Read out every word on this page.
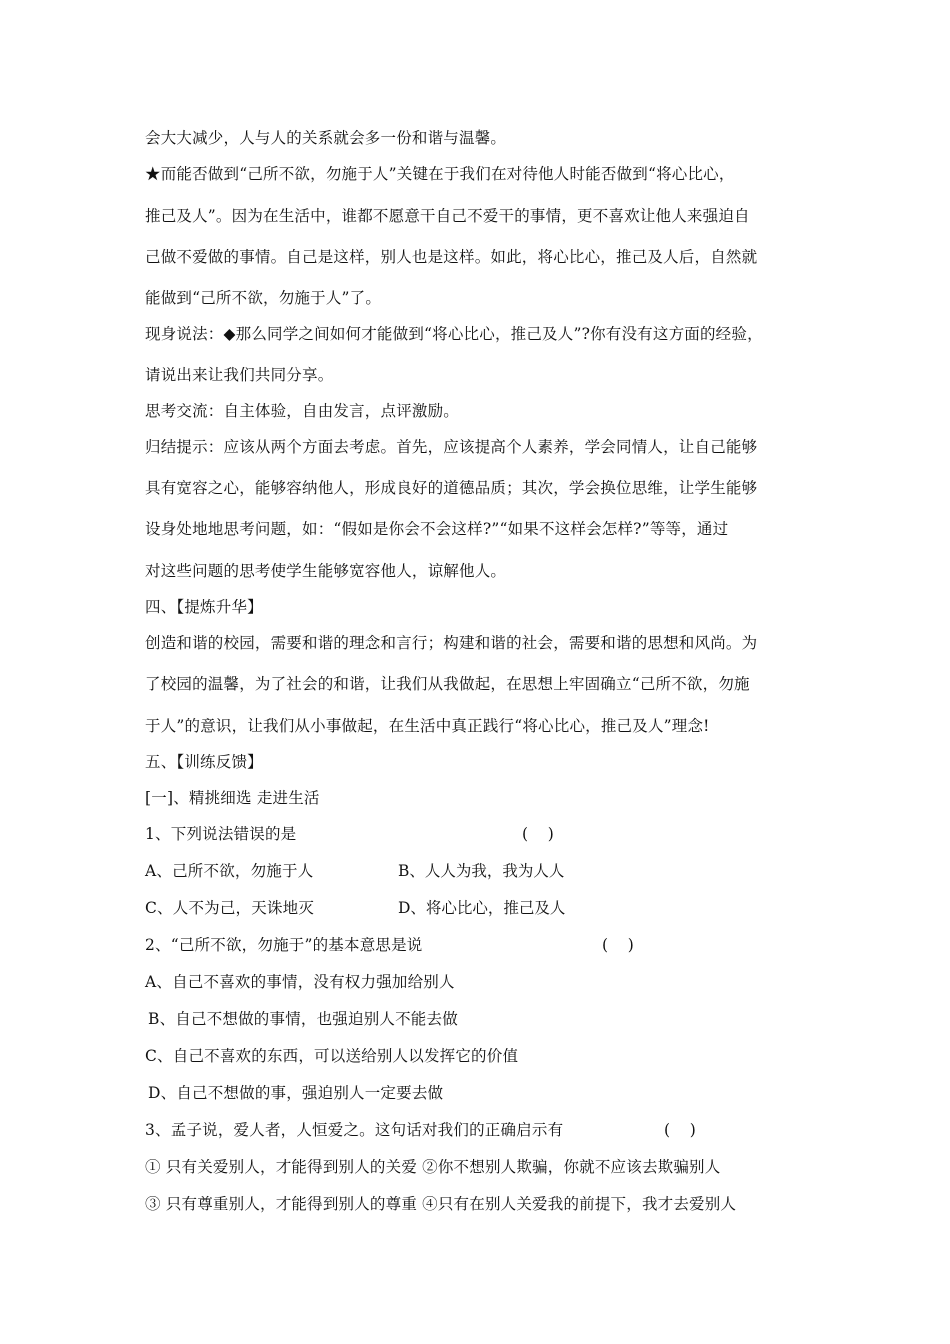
会大大减少，人与人的关系就会多一份和谐与温馨。
★而能否做到“己所不欲，勿施于人”关键在于我们在对待他人时能否做到“将心比心，
推己及人”。因为在生活中，谁都不愿意干自己不爱干的事情，更不喜欢让他人来强迫自
己做不爱做的事情。自己是这样，别人也是这样。如此，将心比心，推己及人后，自然就
能做到“己所不欲，勿施于人”了。
现身说法：◆那么同学之间如何才能做到“将心比心，推己及人”?你有没有这方面的经验，
请说出来让我们共同分享。
思考交流：自主体验，自由发言，点评激励。
归结提示：应该从两个方面去考虑。首先，应该提高个人素养，学会同情人，让自己能够
具有宽容之心，能够容纳他人，形成良好的道德品质；其次，学会换位思维，让学生能够
设身处地地思考问题，如：“假如是你会不会这样?”“如果不这样会怎样?”等等，通过
对这些问题的思考使学生能够宽容他人，谅解他人。
四、【提炼升华】
创造和谐的校园，需要和谐的理念和言行；构建和谐的社会，需要和谐的思想和风尚。为
了校园的温馨，为了社会的和谐，让我们从我做起，在思想上牢固确立“己所不欲，勿施
于人”的意识，让我们从小事做起，在生活中真正践行“将心比心，推己及人”理念!
五、【训练反馈】
[一]、精挑细选 走进生活
1、下列说法错误的是	(    )
A、己所不欲，勿施于人	B、人人为我，我为人人
C、人不为己，天诛地灭	D、将心比心，推己及人
2、“己所不欲，勿施于”的基本意思是说	(    )
A、自己不喜欢的事情，没有权力强加给别人
B、自己不想做的事情，也强迫别人不能去做
C、自己不喜欢的东西，可以送给别人以发挥它的价值
D、自己不想做的事，强迫别人一定要去做
3、孟子说，爱人者，人恒爱之。这句话对我们的正确启示有	(    )
① 只有关爱别人，才能得到别人的关爱 ②你不想别人欺骗，你就不应该去欺骗别人
③ 只有尊重别人，才能得到别人的尊重 ④只有在别人关爱我的前提下，我才去爱别人
